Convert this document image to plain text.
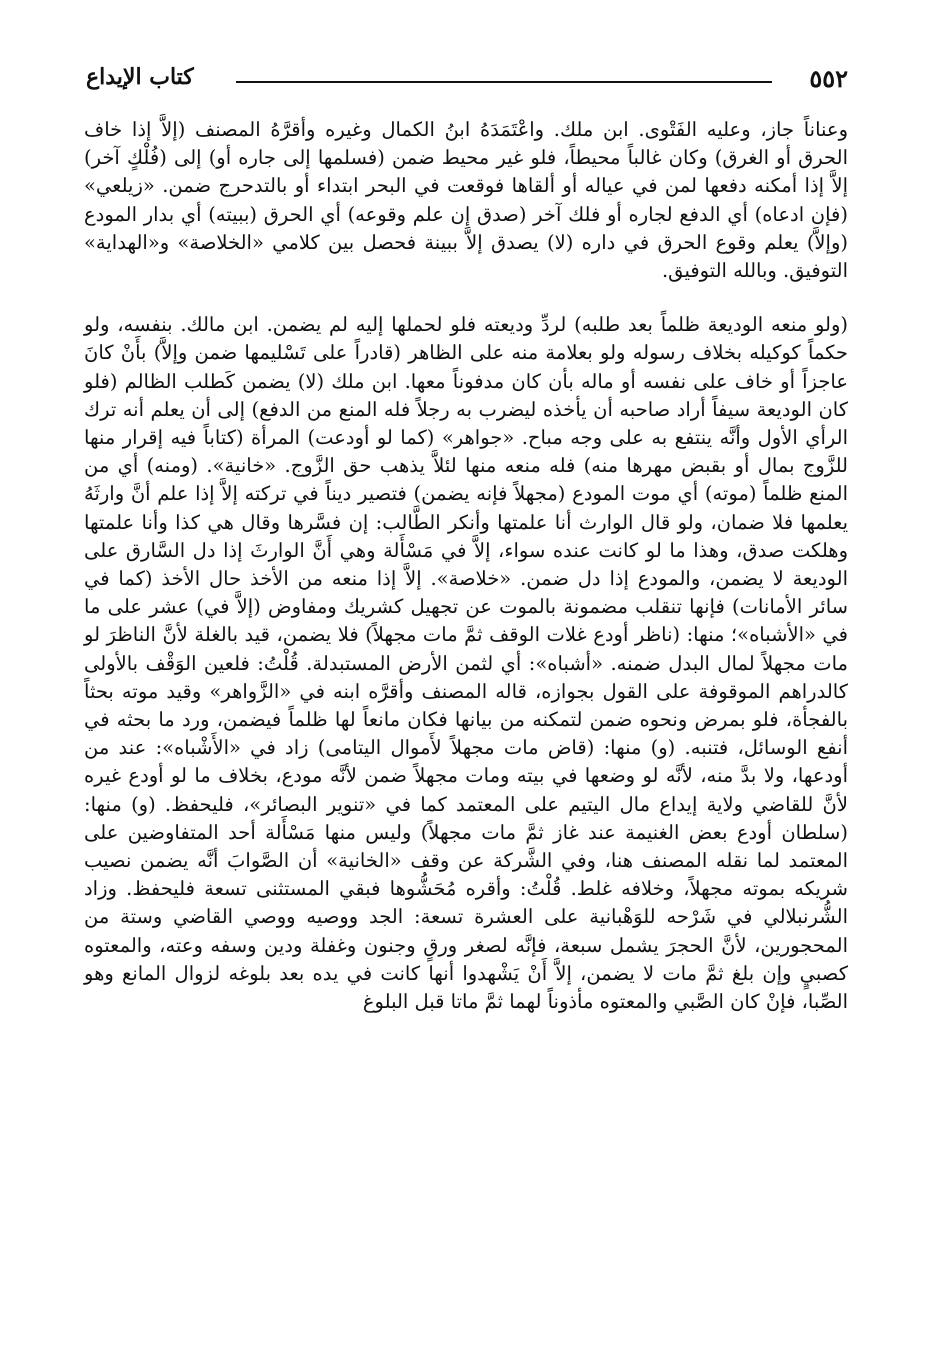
٥٥٢
كتاب الإيداع

وعناناً جاز، وعليه الفَتْوى. ابن ملك. واعْتَمَدَهُ ابنُ الكمال وغيره وأقرَّهُ المصنف (إلاَّ إذا خاف الحرق أو الغرق) وكان غالباً محيطاً، فلو غير محيط ضمن (فسلمها إلى جاره أو) إلى (فُلْكٍ آخر) إلاَّ إذا أمكنه دفعها لمن في عياله أو ألقاها فوقعت في البحر ابتداء أو بالتدحرج ضمن. «زيلعي» (فإن ادعاه) أي الدفع لجاره أو فلك آخر (صدق إن علم وقوعه) أي الحرق (ببيته) أي بدار المودع (وإلاَّ) يعلم وقوع الحرق في داره (لا) يصدق إلاَّ ببينة فحصل بين كلامي «الخلاصة» و«الهداية» التوفيق. وبالله التوفيق.

(ولو منعه الوديعة ظلماً بعد طلبه) لردِّ وديعته فلو لحملها إليه لم يضمن. ابن مالك. بنفسه، ولو حكماً كوكيله بخلاف رسوله ولو بعلامة منه على الظاهر (قادراً على تَسْليمها ضمن وإلاَّ) بأَنْ كانَ عاجزاً أو خاف على نفسه أو ماله بأن كان مدفوناً معها. ابن ملك (لا) يضمن كَطلب الظالم (فلو كان الوديعة سيفاً أراد صاحبه أن يأخذه ليضرب به رجلاً فله المنع من الدفع) إلى أن يعلم أنه ترك الرأي الأول وأنَّه ينتفع به على وجه مباح. «جواهر» (كما لو أودعت) المرأة (كتاباً فيه إقرار منها للزَّوج بمال أو بقبض مهرها منه) فله منعه منها لئلاَّ يذهب حق الزَّوج. «خانية». (ومنه) أي من المنع ظلماً (موته) أي موت المودع (مجهلاً فإنه يضمن) فتصير ديناً في تركته إلاَّ إذا علم أنَّ وارثَهُ يعلمها فلا ضمان، ولو قال الوارث أنا علمتها وأنكر الطَّالب: إن فسَّرها وقال هي كذا وأنا علمتها وهلكت صدق، وهذا ما لو كانت عنده سواء، إلاَّ في مَسْأَلة وهي أَنَّ الوارثَ إذا دل السَّارق على الوديعة لا يضمن، والمودع إذا دل ضمن. «خلاصة». إلاَّ إذا منعه من الأخذ حال الأخذ (كما في سائر الأمانات) فإنها تنقلب مضمونة بالموت عن تجهيل كشريك ومفاوض (إلاَّ في) عشر على ما في «الأشباه»؛ منها: (ناظر أودع غلات الوقف ثمَّ مات مجهلاً) فلا يضمن، قيد بالغلة لأنَّ الناظرَ لو مات مجهلاً لمال البدل ضمنه. «أشباه»: أي لثمن الأرض المستبدلة. قُلْتُ: فلعين الوَقْف بالأولى كالدراهم الموقوفة على القول بجوازه، قاله المصنف وأقرَّه ابنه في «الزَّواهر» وقيد موته بحثاً بالفجأة، فلو بمرض ونحوه ضمن لتمكنه من بيانها فكان مانعاً لها ظلماً فيضمن، ورد ما بحثه في أنفع الوسائل، فتنبه. (و) منها: (قاض مات مجهلاً لأَموال اليتامى) زاد في «الأَشْباه»: عند من أودعها، ولا بدَّ منه، لأنَّه لو وضعها في بيته ومات مجهلاً ضمن لأنَّه مودع، بخلاف ما لو أودع غيره لأنَّ للقاضي ولاية إيداع مال اليتيم على المعتمد كما في «تنوير البصائر»، فليحفظ. (و) منها: (سلطان أودع بعض الغنيمة عند غاز ثمَّ مات مجهلاً) وليس منها مَسْأَلة أحد المتفاوضين على المعتمد لما نقله المصنف هنا، وفي الشَّركة عن وقف «الخانية» أن الصَّوابَ أنَّه يضمن نصيب شريكه بموته مجهلاً، وخلافه غلط. قُلْتُ: وأقره مُحَشُّوها فبقي المستثنى تسعة فليحفظ. وزاد الشُّرنبلالي في شَرْحه للوَهْبانية على العشرة تسعة: الجد ووصيه ووصي القاضي وستة من المحجورين، لأنَّ الحجرَ يشمل سبعة، فإنَّه لصغر ورقٍ وجنون وغفلة ودين وسفه وعته، والمعتوه كصبيٍ وإن بلغ ثمَّ مات لا يضمن، إلاَّ أَنْ يَشْهدوا أنها كانت في يده بعد بلوغه لزوال المانع وهو الصِّبا، فإنْ كان الصَّبي والمعتوه مأذوناً لهما ثمَّ ماتا قبل البلوغ
